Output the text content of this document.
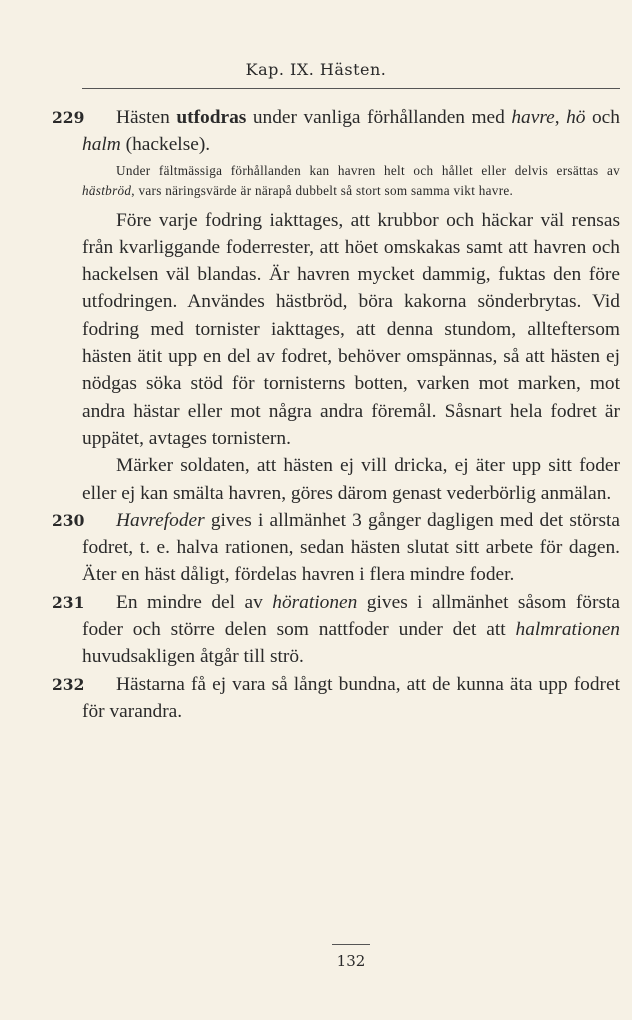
Kap. IX. Hästen.

229 Hästen utfodras under vanliga förhållanden med havre, hö och halm (hackelse).

Under fältmässiga förhållanden kan havren helt och hållet eller delvis ersättas av hästbröd, vars näringsvärde är närapå dubbelt så stort som samma vikt havre.

Före varje fodring iakttages, att krubbor och häckar väl rensas från kvarliggande foderrester, att höet omskakas samt att havren och hackelsen väl blandas. Är havren mycket dammig, fuktas den före utfodringen. Användes hästbröd, böra kakorna sönderbrytas. Vid fodring med tornister iakttages, att denna stundom, allteftersom hästen ätit upp en del av fodret, behöver omspännas, så att hästen ej nödgas söka stöd för tornisterns botten, varken mot marken, mot andra hästar eller mot några andra föremål. Såsnart hela fodret är uppätet, avtages tornistern.

Märker soldaten, att hästen ej vill dricka, ej äter upp sitt foder eller ej kan smälta havren, göres därom genast vederbörlig anmälan.

230 Havrefoder gives i allmänhet 3 gånger dagligen med det största fodret, t. e. halva rationen, sedan hästen slutat sitt arbete för dagen. Äter en häst dåligt, fördelas havren i flera mindre foder.

231 En mindre del av hörationen gives i allmänhet såsom första foder och större delen som nattfoder under det att halmrationen huvudsakligen åtgår till strö.

232 Hästarna få ej vara så långt bundna, att de kunna äta upp fodret för varandra.

132
